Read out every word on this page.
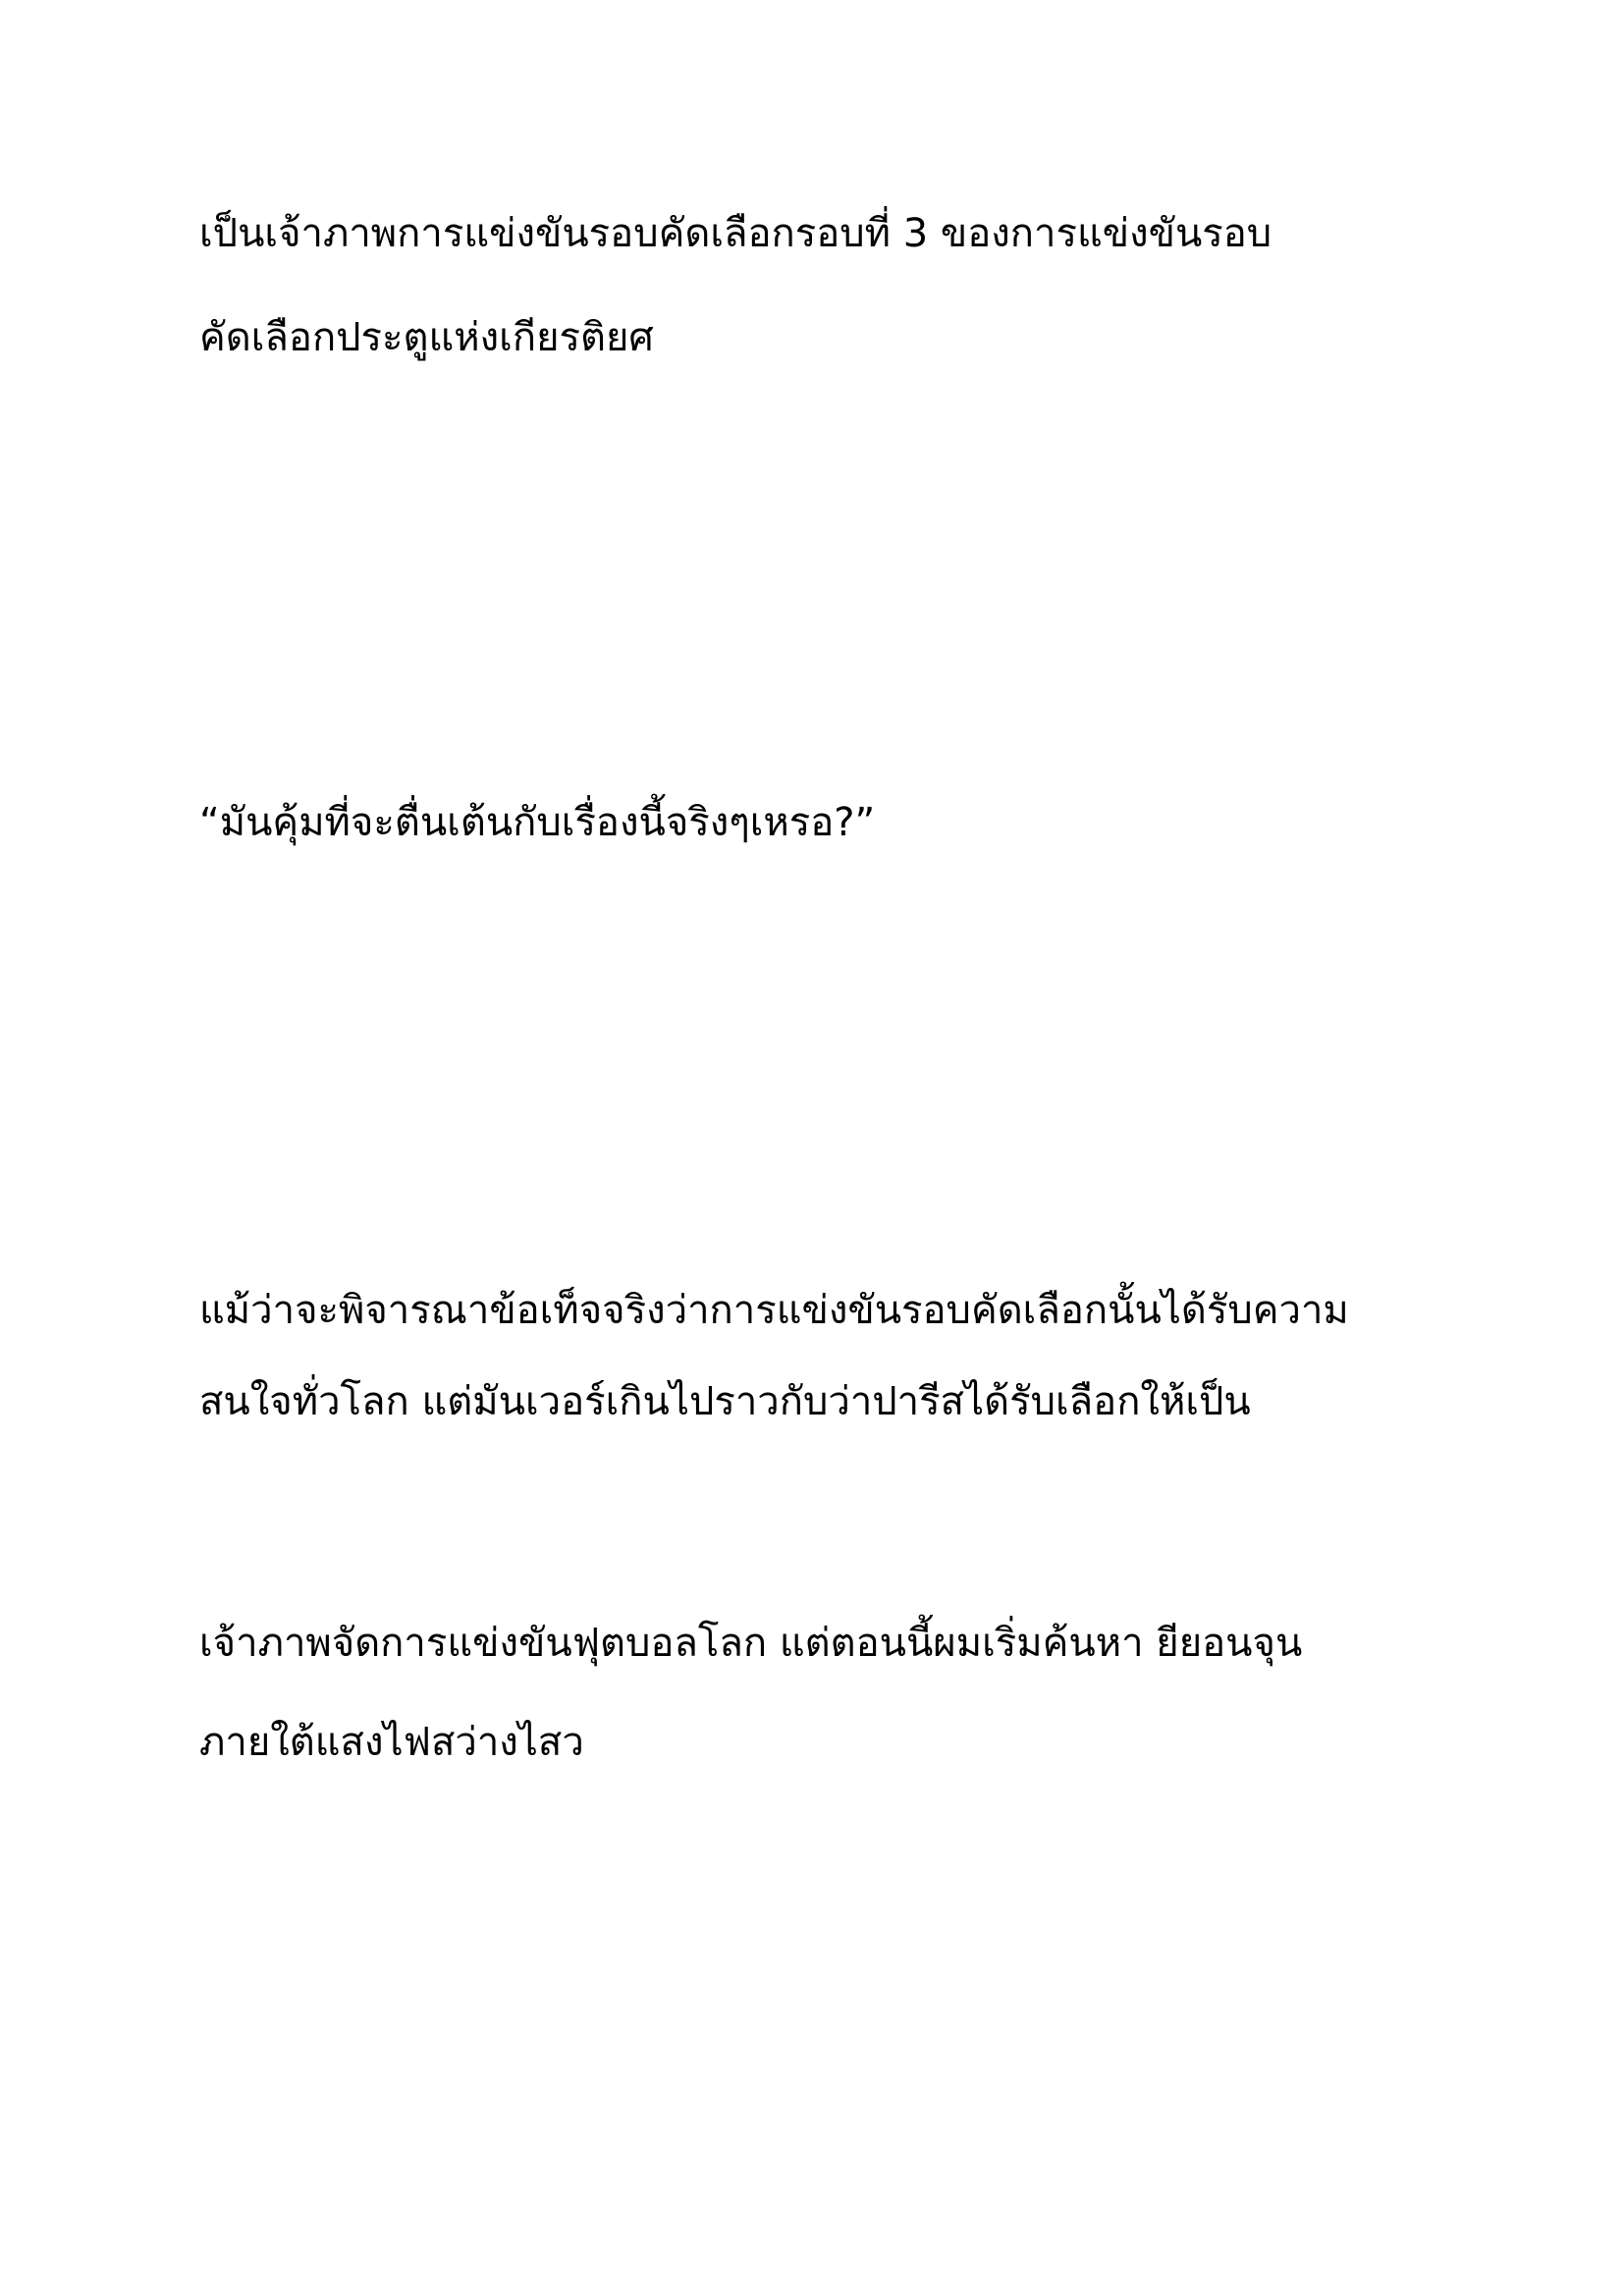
เป็นเจ้าภาพการแข่งขันรอบคัดเลือกรอบที่ 3 ของการแข่งขันรอบ
คัดเลือกประตูแห่งเกียรติยศ
“มันคุ้มที่จะตื่นเต้นกับเรื่องนี้จริงๆเหรอ?”
แม้ว่าจะพิจารณาข้อเท็จจริงว่าการแข่งขันรอบคัดเลือกนั้นได้รับความ
สนใจทั่วโลก แต่มันเวอร์เกินไปราวกับว่าปารีสได้รับเลือกให้เป็น
เจ้าภาพจัดการแข่งขันฟุตบอลโลก แต่ตอนนี้ผมเริ่มค้นหา ยียอนจุน
ภายใต้แสงไฟสว่างไสว
